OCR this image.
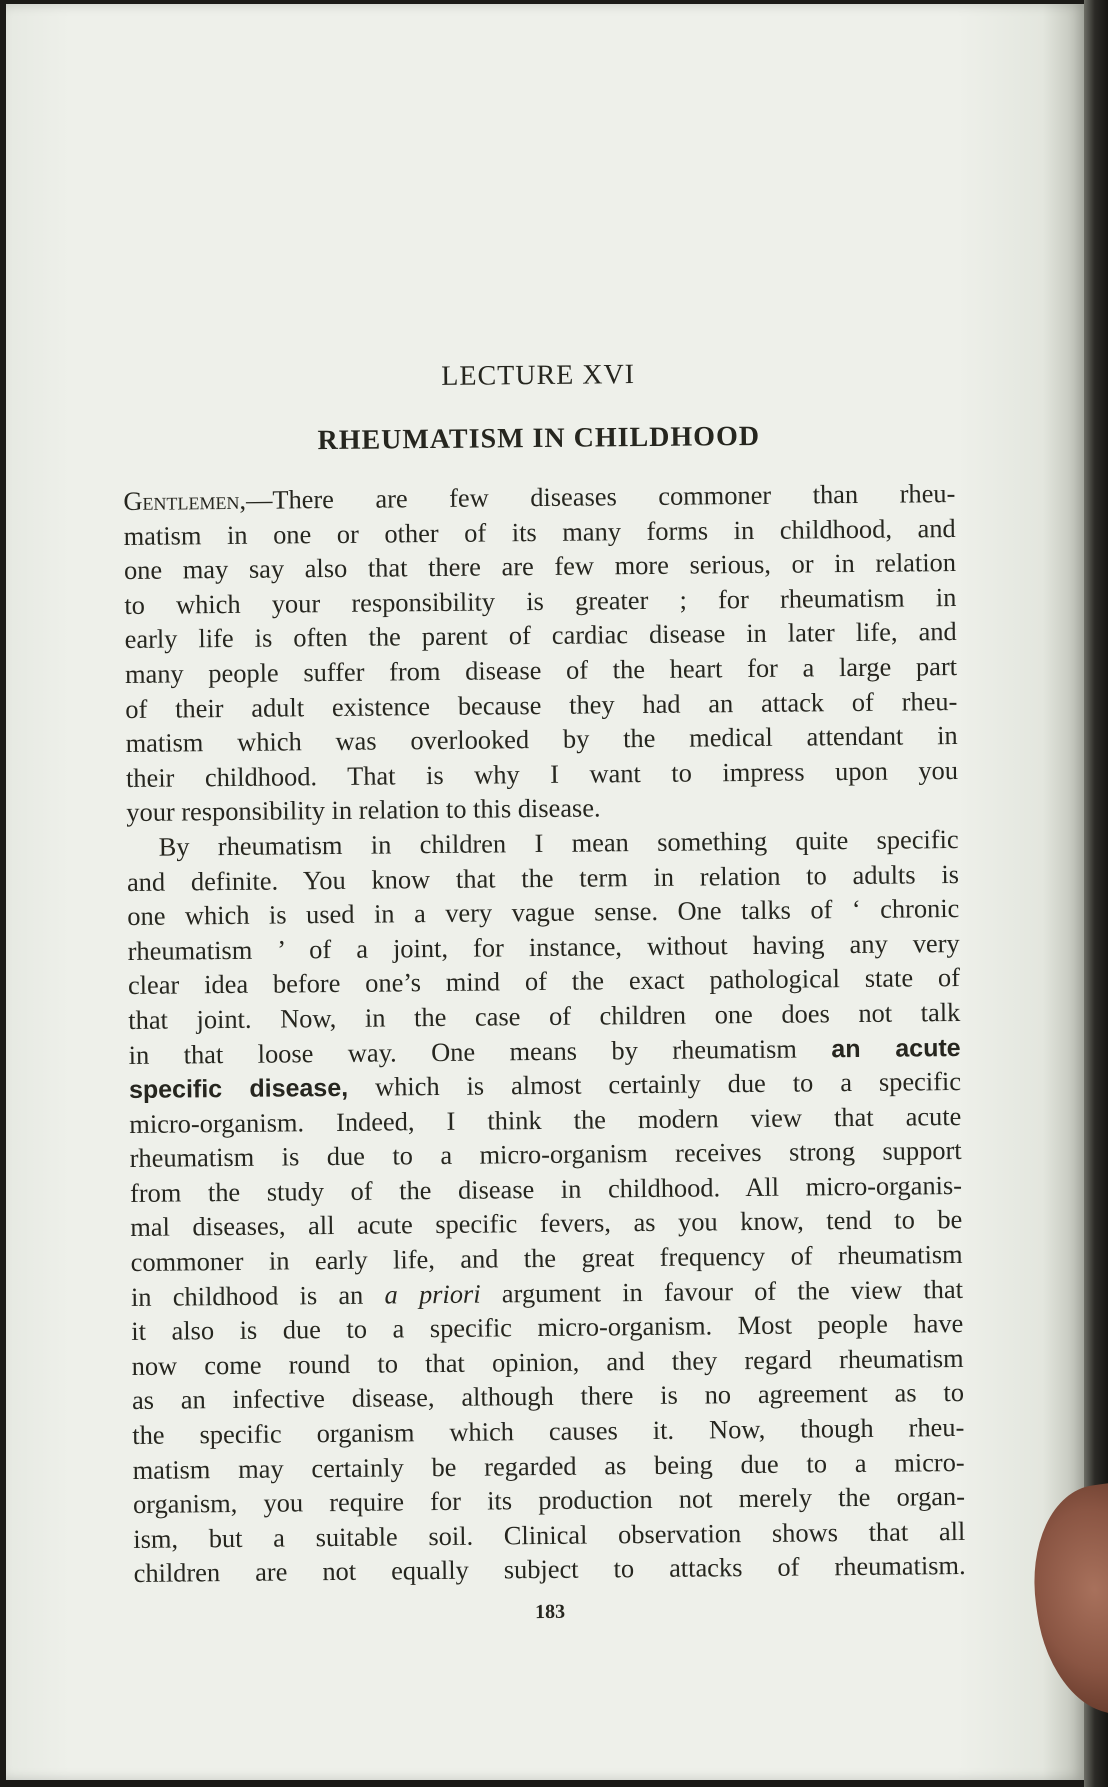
LECTURE XVI
RHEUMATISM IN CHILDHOOD
Gentlemen,—There are few diseases commoner than rheu-
matism in one or other of its many forms in childhood, and
one may say also that there are few more serious, or in relation
to which your responsibility is greater ; for rheumatism in
early life is often the parent of cardiac disease in later life, and
many people suffer from disease of the heart for a large part
of their adult existence because they had an attack of rheu-
matism which was overlooked by the medical attendant in
their childhood. That is why I want to impress upon you
your responsibility in relation to this disease.
By rheumatism in children I mean something quite specific
and definite. You know that the term in relation to adults is
one which is used in a very vague sense. One talks of ‘ chronic
rheumatism ’ of a joint, for instance, without having any very
clear idea before one’s mind of the exact pathological state of
that joint. Now, in the case of children one does not talk
in that loose way. One means by rheumatism an acute
specific disease, which is almost certainly due to a specific
micro-organism. Indeed, I think the modern view that acute
rheumatism is due to a micro-organism receives strong support
from the study of the disease in childhood. All micro-organis-
mal diseases, all acute specific fevers, as you know, tend to be
commoner in early life, and the great frequency of rheumatism
in childhood is an a priori argument in favour of the view that
it also is due to a specific micro-organism. Most people have
now come round to that opinion, and they regard rheumatism
as an infective disease, although there is no agreement as to
the specific organism which causes it. Now, though rheu-
matism may certainly be regarded as being due to a micro-
organism, you require for its production not merely the organ-
ism, but a suitable soil. Clinical observation shows that all
children are not equally subject to attacks of rheumatism.
183
